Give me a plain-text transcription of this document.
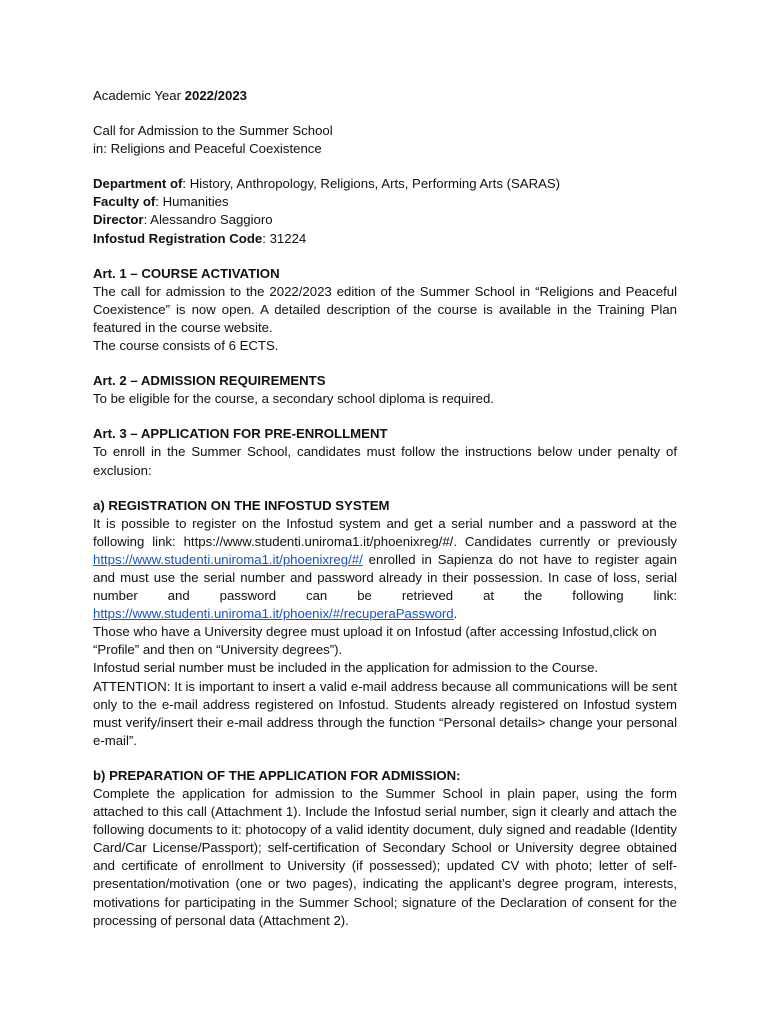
Academic Year 2022/2023

Call for Admission to the Summer School

in: Religions and Peaceful Coexistence

Department of: History, Anthropology, Religions, Arts, Performing Arts (SARAS)

Faculty of: Humanities

Director: Alessandro Saggioro

Infostud Registration Code: 31224

Art. 1 – COURSE ACTIVATION

The call for admission to the 2022/2023 edition of the Summer School in “Religions and Peaceful Coexistence” is now open. A detailed description of the course is available in the Training Plan featured in the course website.

The course consists of 6 ECTS.

Art. 2 – ADMISSION REQUIREMENTS

To be eligible for the course, a secondary school diploma is required.

Art. 3 – APPLICATION FOR PRE-ENROLLMENT

To enroll in the Summer School, candidates must follow the instructions below under penalty of exclusion:

a) REGISTRATION ON THE INFOSTUD SYSTEM

It is possible to register on the Infostud system and get a serial number and a password at the following link: https://www.studenti.uniroma1.it/phoenixreg/#/. Candidates currently or previously https://www.studenti.uniroma1.it/phoenixreg/#/ enrolled in Sapienza do not have to register again and must use the serial number and password already in their possession. In case of loss, serial number and password can be retrieved at the following link: https://www.studenti.uniroma1.it/phoenix/#/recuperaPassword.

Those who have a University degree must upload it on Infostud (after accessing Infostud,click on “Profile” and then on “University degrees”).

Infostud serial number must be included in the application for admission to the Course.

ATTENTION: It is important to insert a valid e-mail address because all communications will be sent only to the e-mail address registered on Infostud. Students already registered on Infostud system must verify/insert their e-mail address through the function “Personal details> change your personal e-mail”.

b) PREPARATION OF THE APPLICATION FOR ADMISSION:

Complete the application for admission to the Summer School in plain paper, using the form attached to this call (Attachment 1). Include the Infostud serial number, sign it clearly and attach the following documents to it: photocopy of a valid identity document, duly signed and readable (Identity Card/Car License/Passport); self-certification of Secondary School or University degree obtained and certificate of enrollment to University (if possessed); updated CV with photo; letter of self-presentation/motivation (one or two pages), indicating the applicant’s degree program, interests, motivations for participating in the Summer School; signature of the Declaration of consent for the processing of personal data (Attachment 2).
